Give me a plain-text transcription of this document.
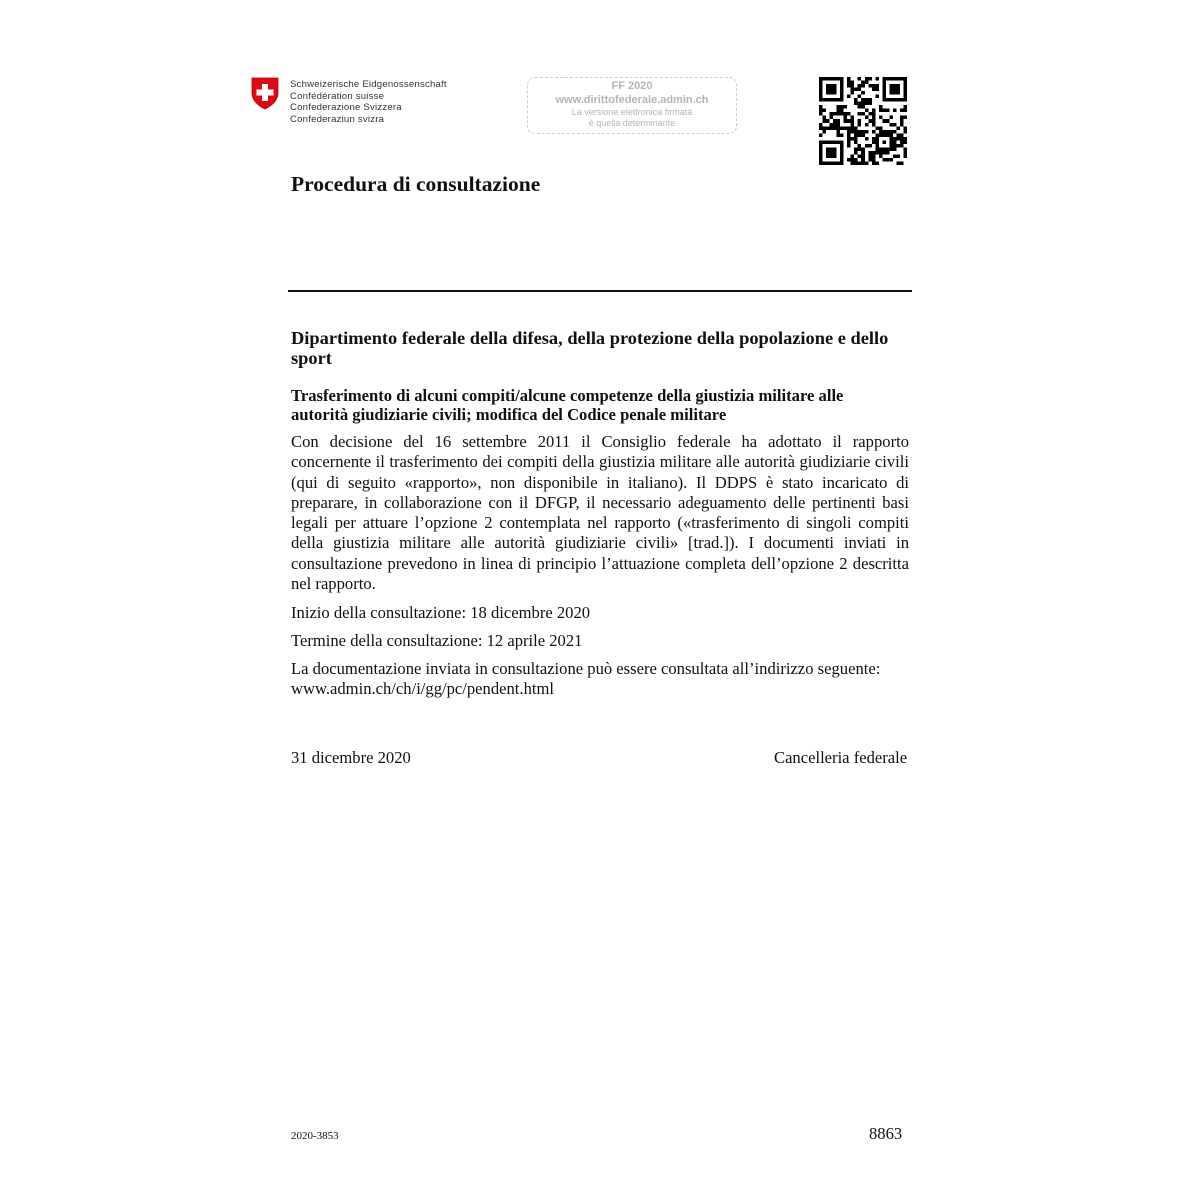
Schweizerische Eidgenossenschaft
Confédération suisse
Confederazione Svizzera
Confederaziun svizra
FF 2020
www.dirittofederale.admin.ch
La versione elettronica firmata
è quella determinante
Procedura di consultazione
Dipartimento federale della difesa, della protezione della popolazione e dello sport
Trasferimento di alcuni compiti/alcune competenze della giustizia militare alle autorità giudiziarie civili; modifica del Codice penale militare
Con decisione del 16 settembre 2011 il Consiglio federale ha adottato il rapporto concernente il trasferimento dei compiti della giustizia militare alle autorità giudiziarie civili (qui di seguito «rapporto», non disponibile in italiano). Il DDPS è stato incaricato di preparare, in collaborazione con il DFGP, il necessario adeguamento delle pertinenti basi legali per attuare l’opzione 2 contemplata nel rapporto («trasferimento di singoli compiti della giustizia militare alle autorità giudiziarie civili» [trad.]). I documenti inviati in consultazione prevedono in linea di principio l’attuazione completa dell’opzione 2 descritta nel rapporto.
Inizio della consultazione: 18 dicembre 2020
Termine della consultazione: 12 aprile 2021
La documentazione inviata in consultazione può essere consultata all’indirizzo seguente: www.admin.ch/ch/i/gg/pc/pendent.html
31 dicembre 2020	Cancelleria federale
2020-3853	8863
